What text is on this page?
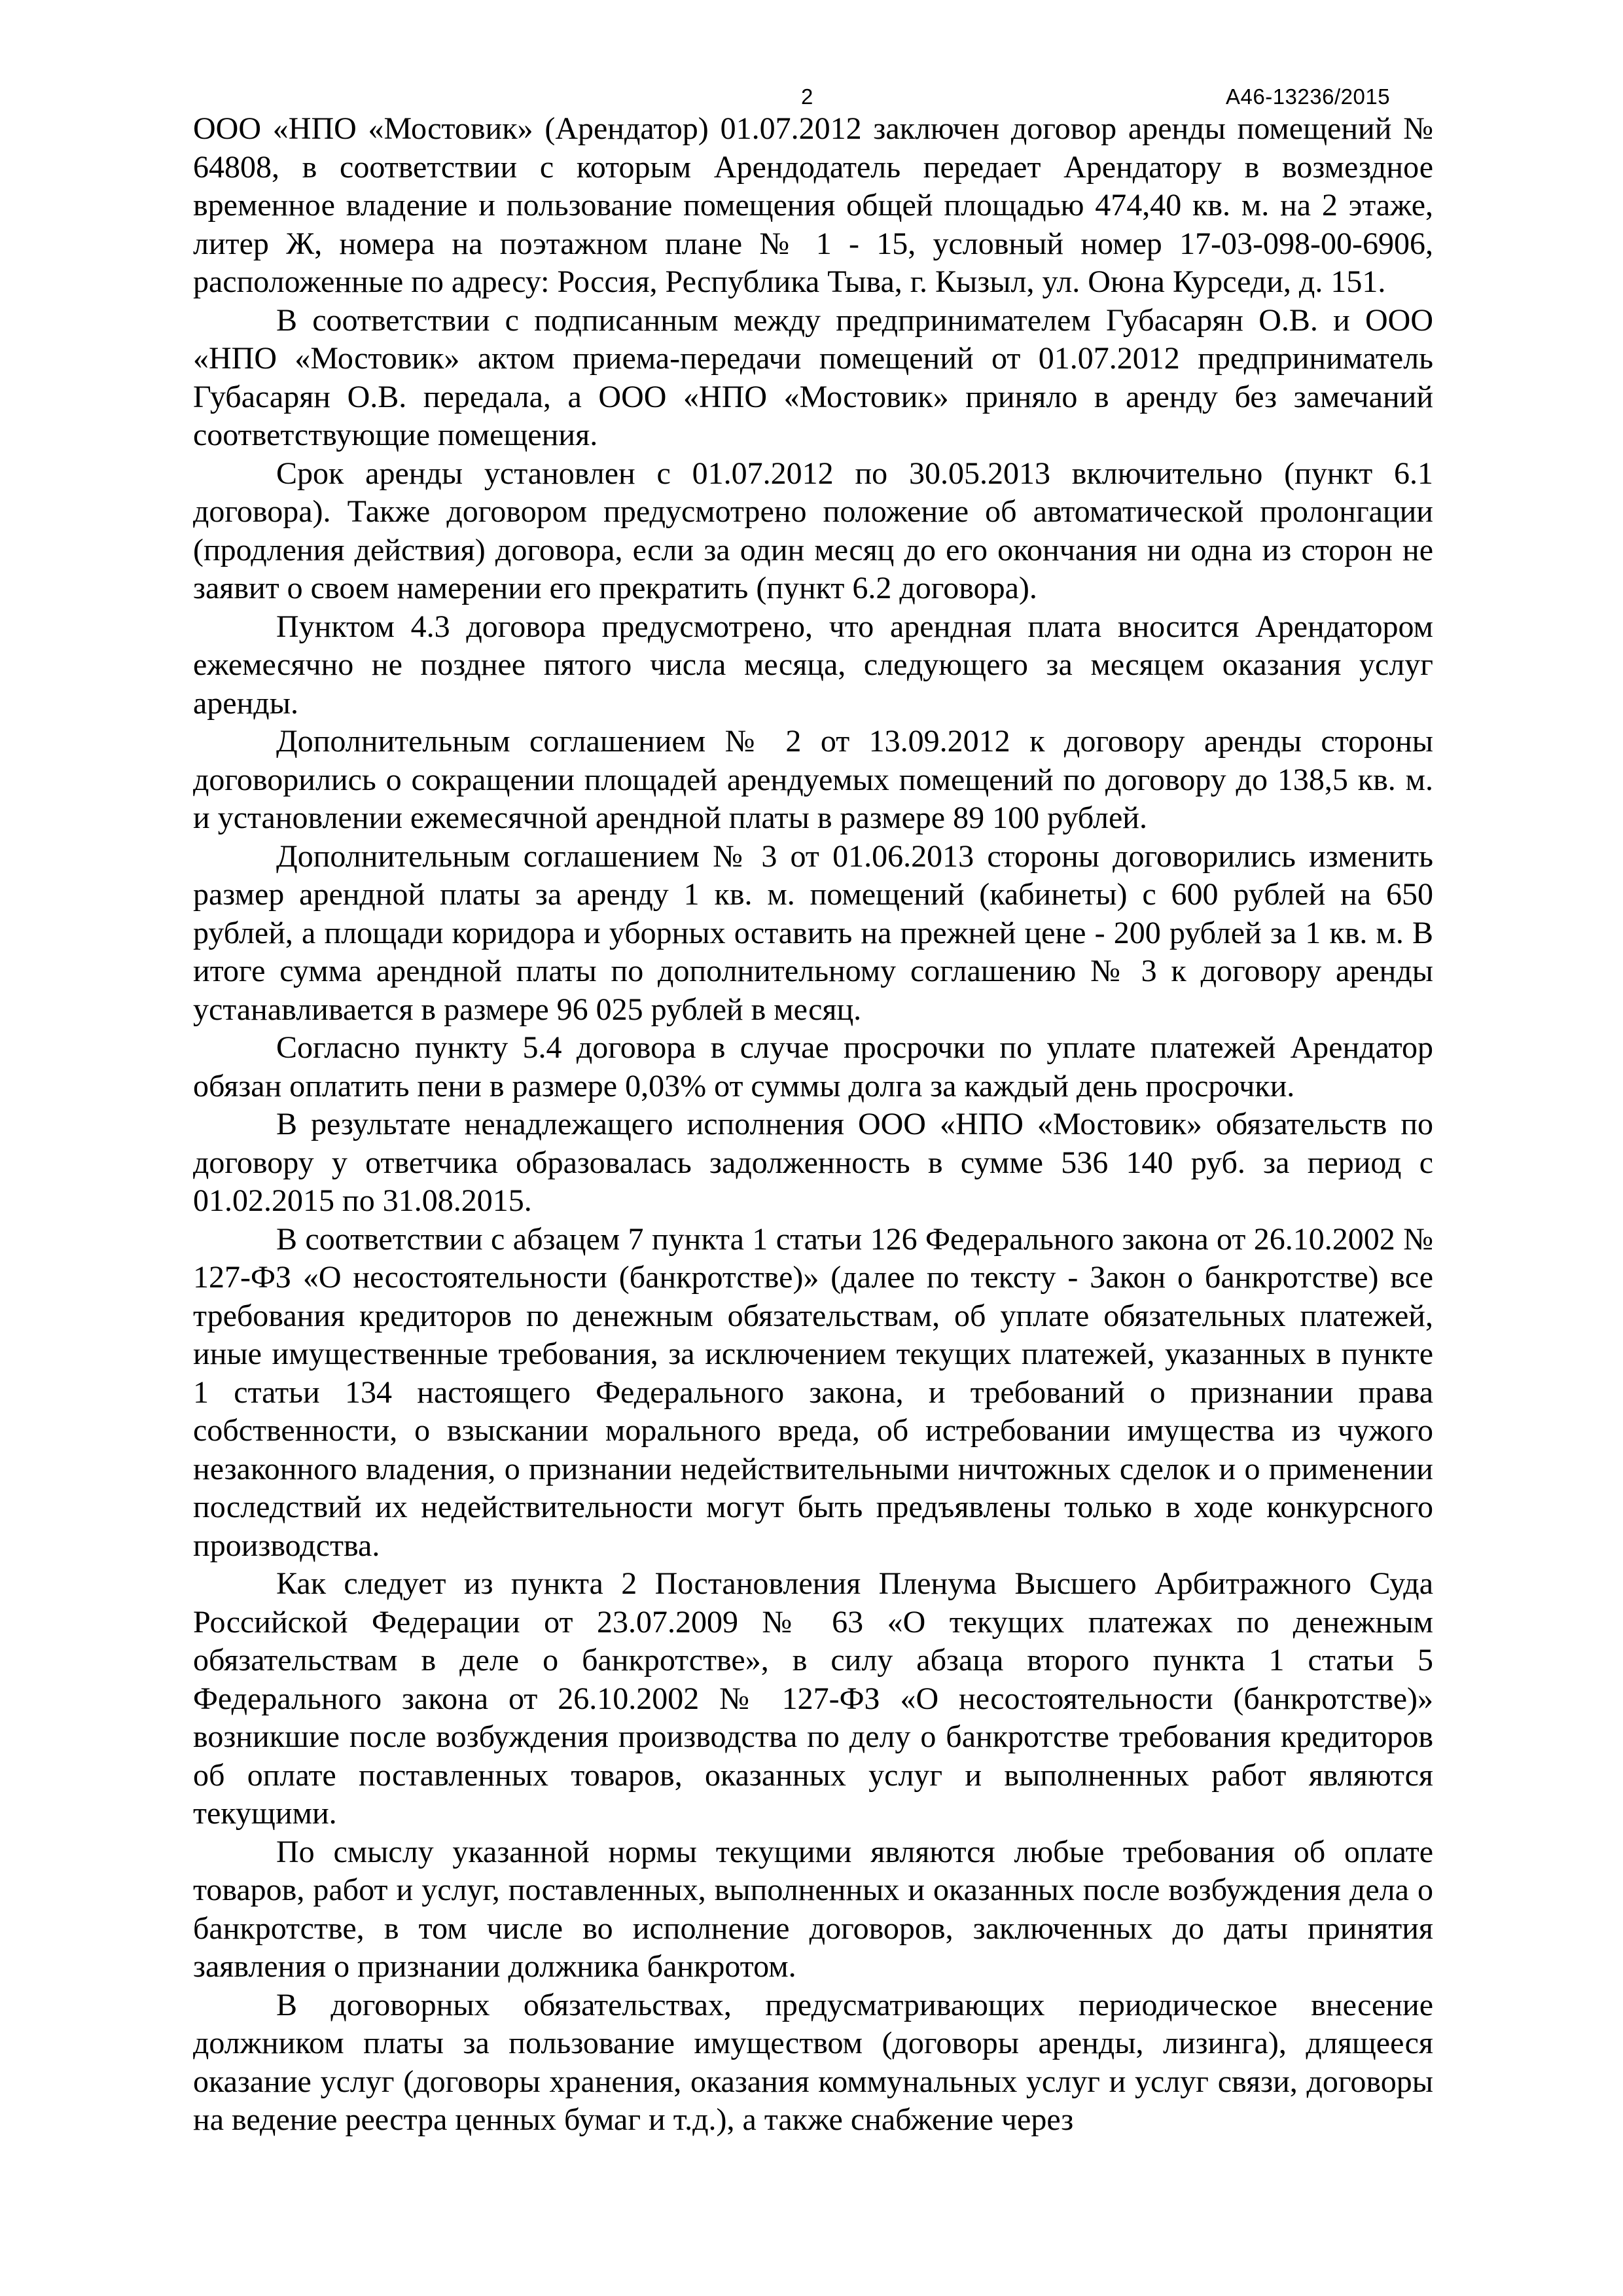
2	А46-13236/2015

ООО «НПО «Мостовик» (Арендатор) 01.07.2012 заключен договор аренды помещений № 64808, в соответствии с которым Арендодатель передает Арендатору в возмездное временное владение и пользование помещения общей площадью 474,40 кв. м. на 2 этаже, литер Ж, номера на поэтажном плане № 1 - 15, условный номер 17-03-098-00-6906, расположенные по адресу: Россия, Республика Тыва, г. Кызыл, ул. Оюна Курседи, д. 151.

В соответствии с подписанным между предпринимателем Губасарян О.В. и ООО «НПО «Мостовик» актом приема-передачи помещений от 01.07.2012 предприниматель Губасарян О.В. передала, а ООО «НПО «Мостовик» приняло в аренду без замечаний соответствующие помещения.

Срок аренды установлен с 01.07.2012 по 30.05.2013 включительно (пункт 6.1 договора). Также договором предусмотрено положение об автоматической пролонгации (продления действия) договора, если за один месяц до его окончания ни одна из сторон не заявит о своем намерении его прекратить (пункт 6.2 договора).

Пунктом 4.3 договора предусмотрено, что арендная плата вносится Арендатором ежемесячно не позднее пятого числа месяца, следующего за месяцем оказания услуг аренды.

Дополнительным соглашением № 2 от 13.09.2012 к договору аренды стороны договорились о сокращении площадей арендуемых помещений по договору до 138,5 кв. м. и установлении ежемесячной арендной платы в размере 89 100 рублей.

Дополнительным соглашением № 3 от 01.06.2013 стороны договорились изменить размер арендной платы за аренду 1 кв. м. помещений (кабинеты) с 600 рублей на 650 рублей, а площади коридора и уборных оставить на прежней цене - 200 рублей за 1 кв. м. В итоге сумма арендной платы по дополнительному соглашению № 3 к договору аренды устанавливается в размере 96 025 рублей в месяц.

Согласно пункту 5.4 договора в случае просрочки по уплате платежей Арендатор обязан оплатить пени в размере 0,03% от суммы долга за каждый день просрочки.

В результате ненадлежащего исполнения ООО «НПО «Мостовик» обязательств по договору у ответчика образовалась задолженность в сумме 536 140 руб. за период с 01.02.2015 по 31.08.2015.

В соответствии с абзацем 7 пункта 1 статьи 126 Федерального закона от 26.10.2002 № 127-ФЗ «О несостоятельности (банкротстве)» (далее по тексту - Закон о банкротстве) все требования кредиторов по денежным обязательствам, об уплате обязательных платежей, иные имущественные требования, за исключением текущих платежей, указанных в пункте 1 статьи 134 настоящего Федерального закона, и требований о признании права собственности, о взыскании морального вреда, об истребовании имущества из чужого незаконного владения, о признании недействительными ничтожных сделок и о применении последствий их недействительности могут быть предъявлены только в ходе конкурсного производства.

Как следует из пункта 2 Постановления Пленума Высшего Арбитражного Суда Российской Федерации от 23.07.2009 № 63 «О текущих платежах по денежным обязательствам в деле о банкротстве», в силу абзаца второго пункта 1 статьи 5 Федерального закона от 26.10.2002 № 127-ФЗ «О несостоятельности (банкротстве)» возникшие после возбуждения производства по делу о банкротстве требования кредиторов об оплате поставленных товаров, оказанных услуг и выполненных работ являются текущими.

По смыслу указанной нормы текущими являются любые требования об оплате товаров, работ и услуг, поставленных, выполненных и оказанных после возбуждения дела о банкротстве, в том числе во исполнение договоров, заключенных до даты принятия заявления о признании должника банкротом.

В договорных обязательствах, предусматривающих периодическое внесение должником платы за пользование имуществом (договоры аренды, лизинга), длящееся оказание услуг (договоры хранения, оказания коммунальных услуг и услуг связи, договоры на ведение реестра ценных бумаг и т.д.), а также снабжение через
